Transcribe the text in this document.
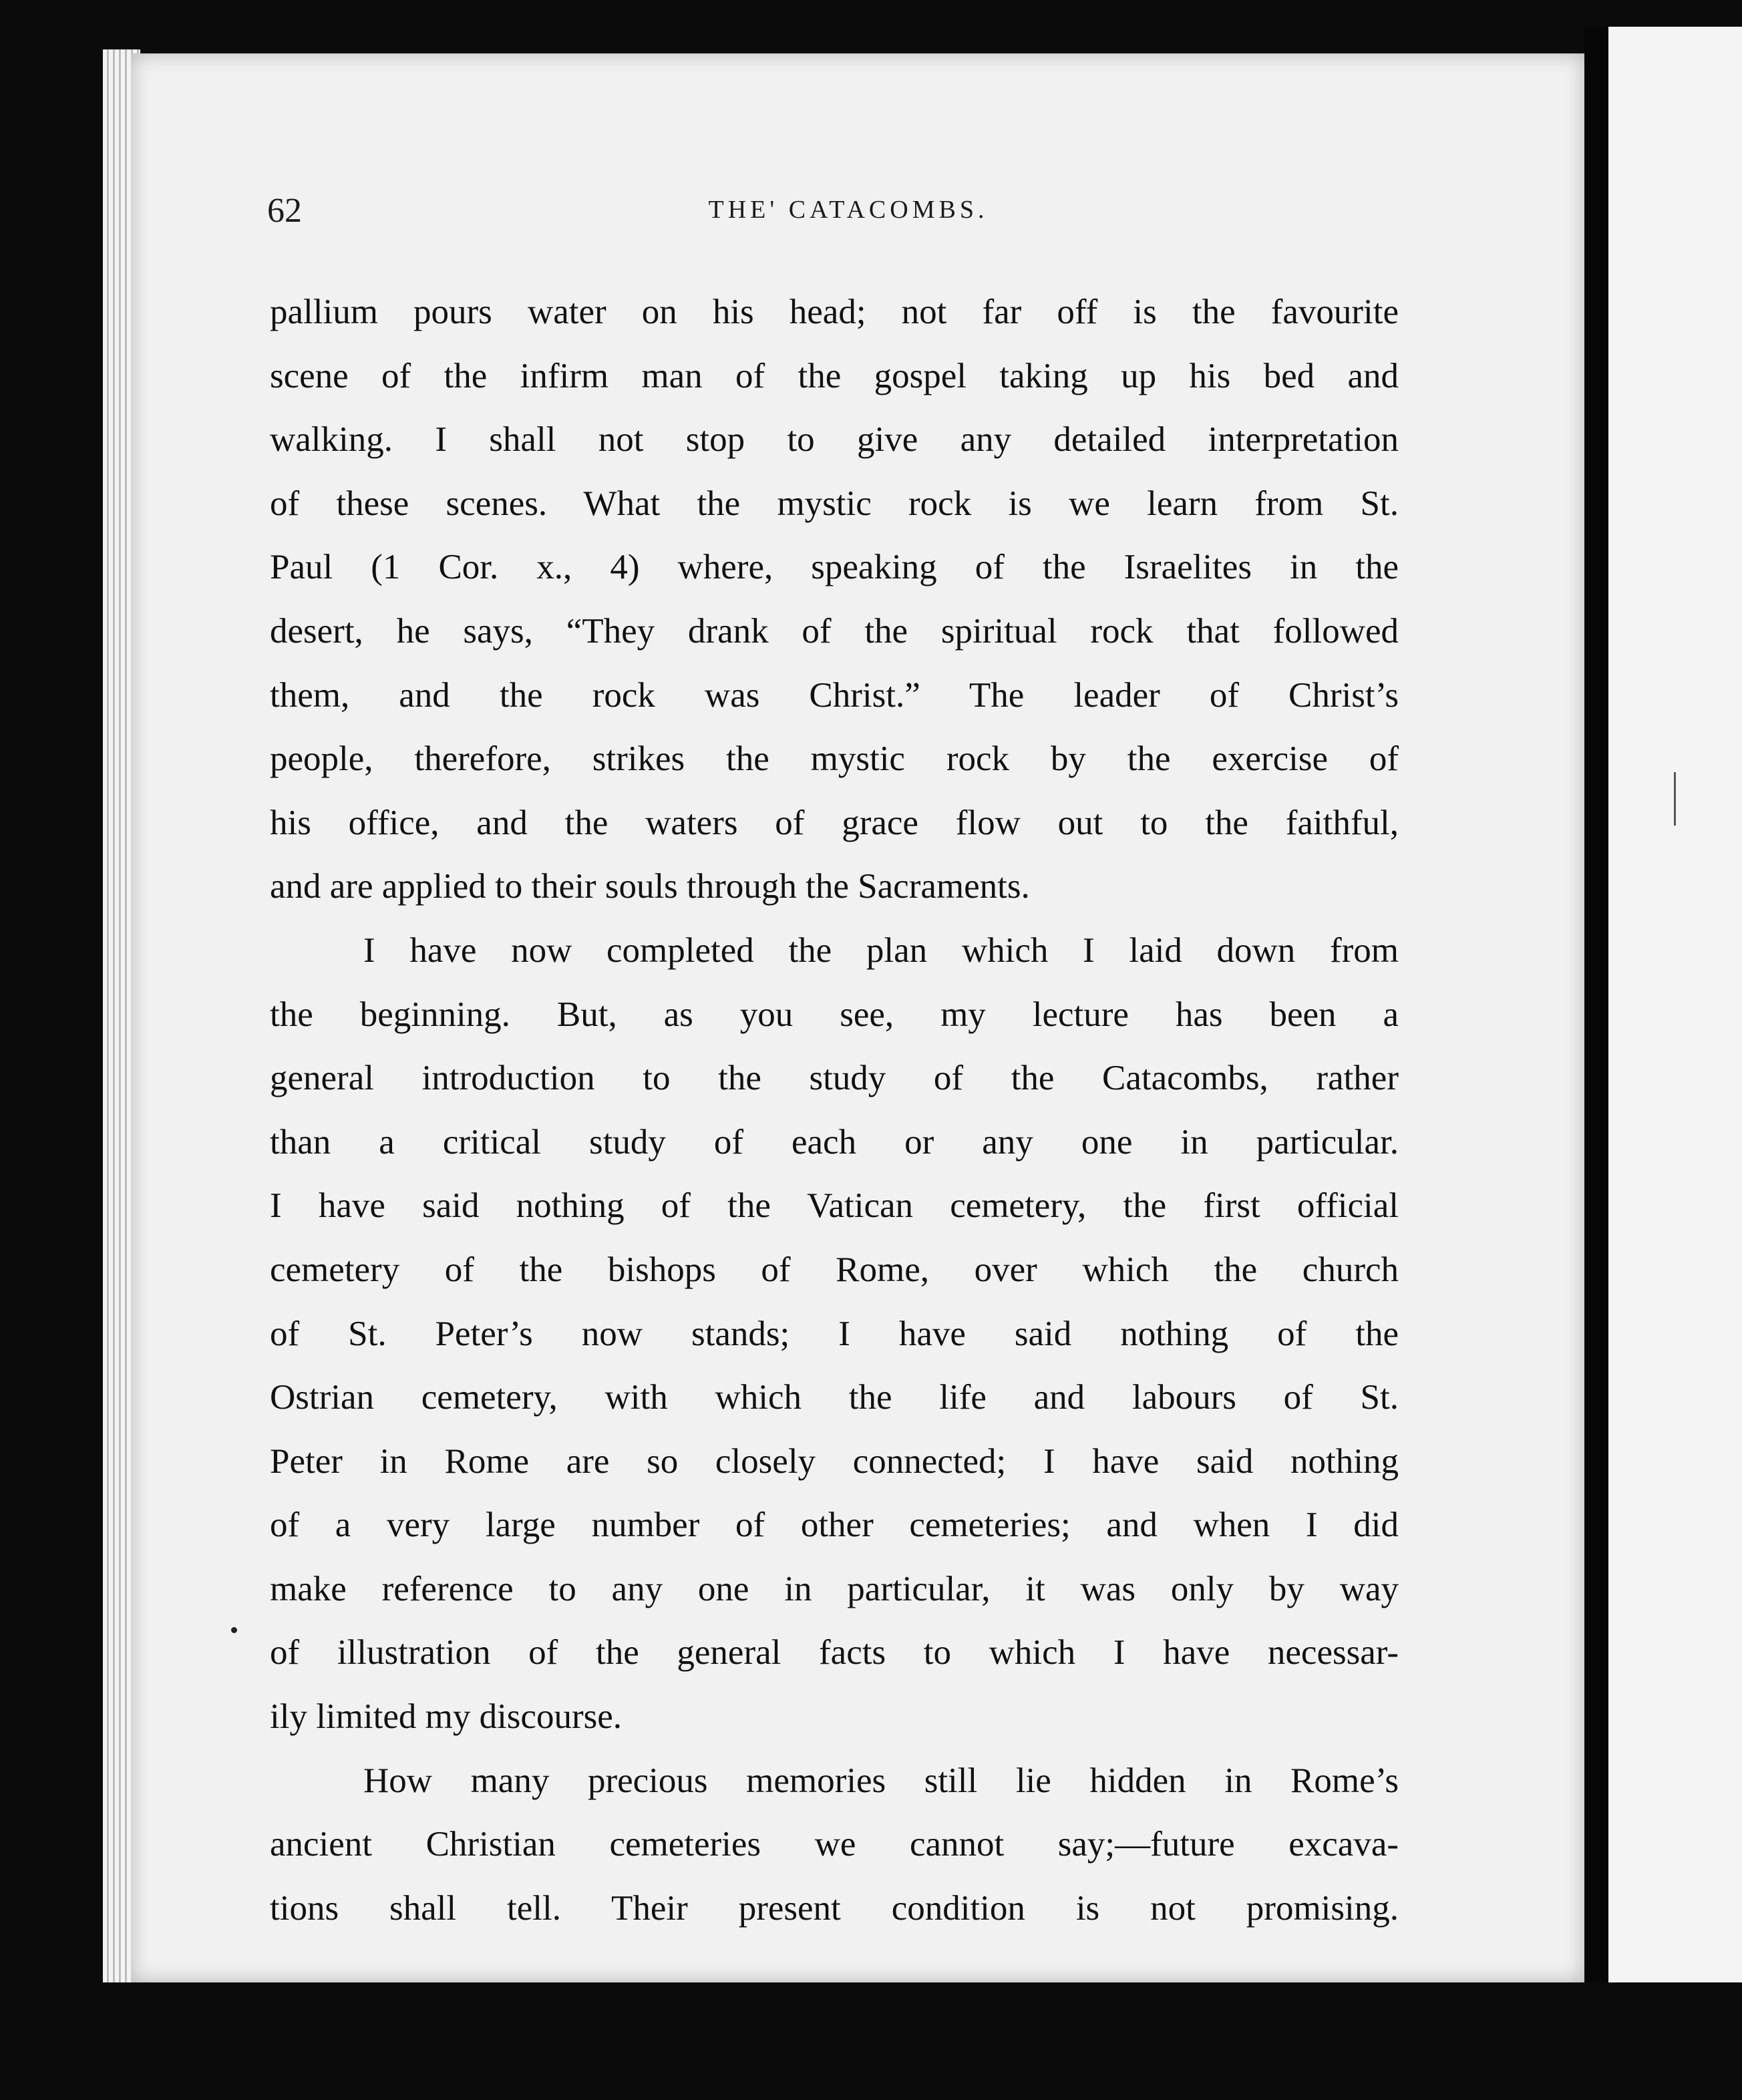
62	THE' CATACOMBS.
pallium pours water on his head; not far off is the favourite
scene of the infirm man of the gospel taking up his bed and
walking. I shall not stop to give any detailed interpretation
of these scenes. What the mystic rock is we learn from St.
Paul (1 Cor. x., 4) where, speaking of the Israelites in the
desert, he says, “They drank of the spiritual rock that followed
them, and the rock was Christ.” The leader of Christ’s
people, therefore, strikes the mystic rock by the exercise of
his office, and the waters of grace flow out to the faithful,
and are applied to their souls through the Sacraments.
I have now completed the plan which I laid down from
the beginning. But, as you see, my lecture has been a
general introduction to the study of the Catacombs, rather
than a critical study of each or any one in particular.
I have said nothing of the Vatican cemetery, the first official
cemetery of the bishops of Rome, over which the church
of St. Peter’s now stands; I have said nothing of the
Ostrian cemetery, with which the life and labours of St.
Peter in Rome are so closely connected; I have said nothing
of a very large number of other cemeteries; and when I did
make reference to any one in particular, it was only by way
of illustration of the general facts to which I have necessar-
ily limited my discourse.
How many precious memories still lie hidden in Rome’s
ancient Christian cemeteries we cannot say;—future excava-
tions shall tell. Their present condition is not promising.
